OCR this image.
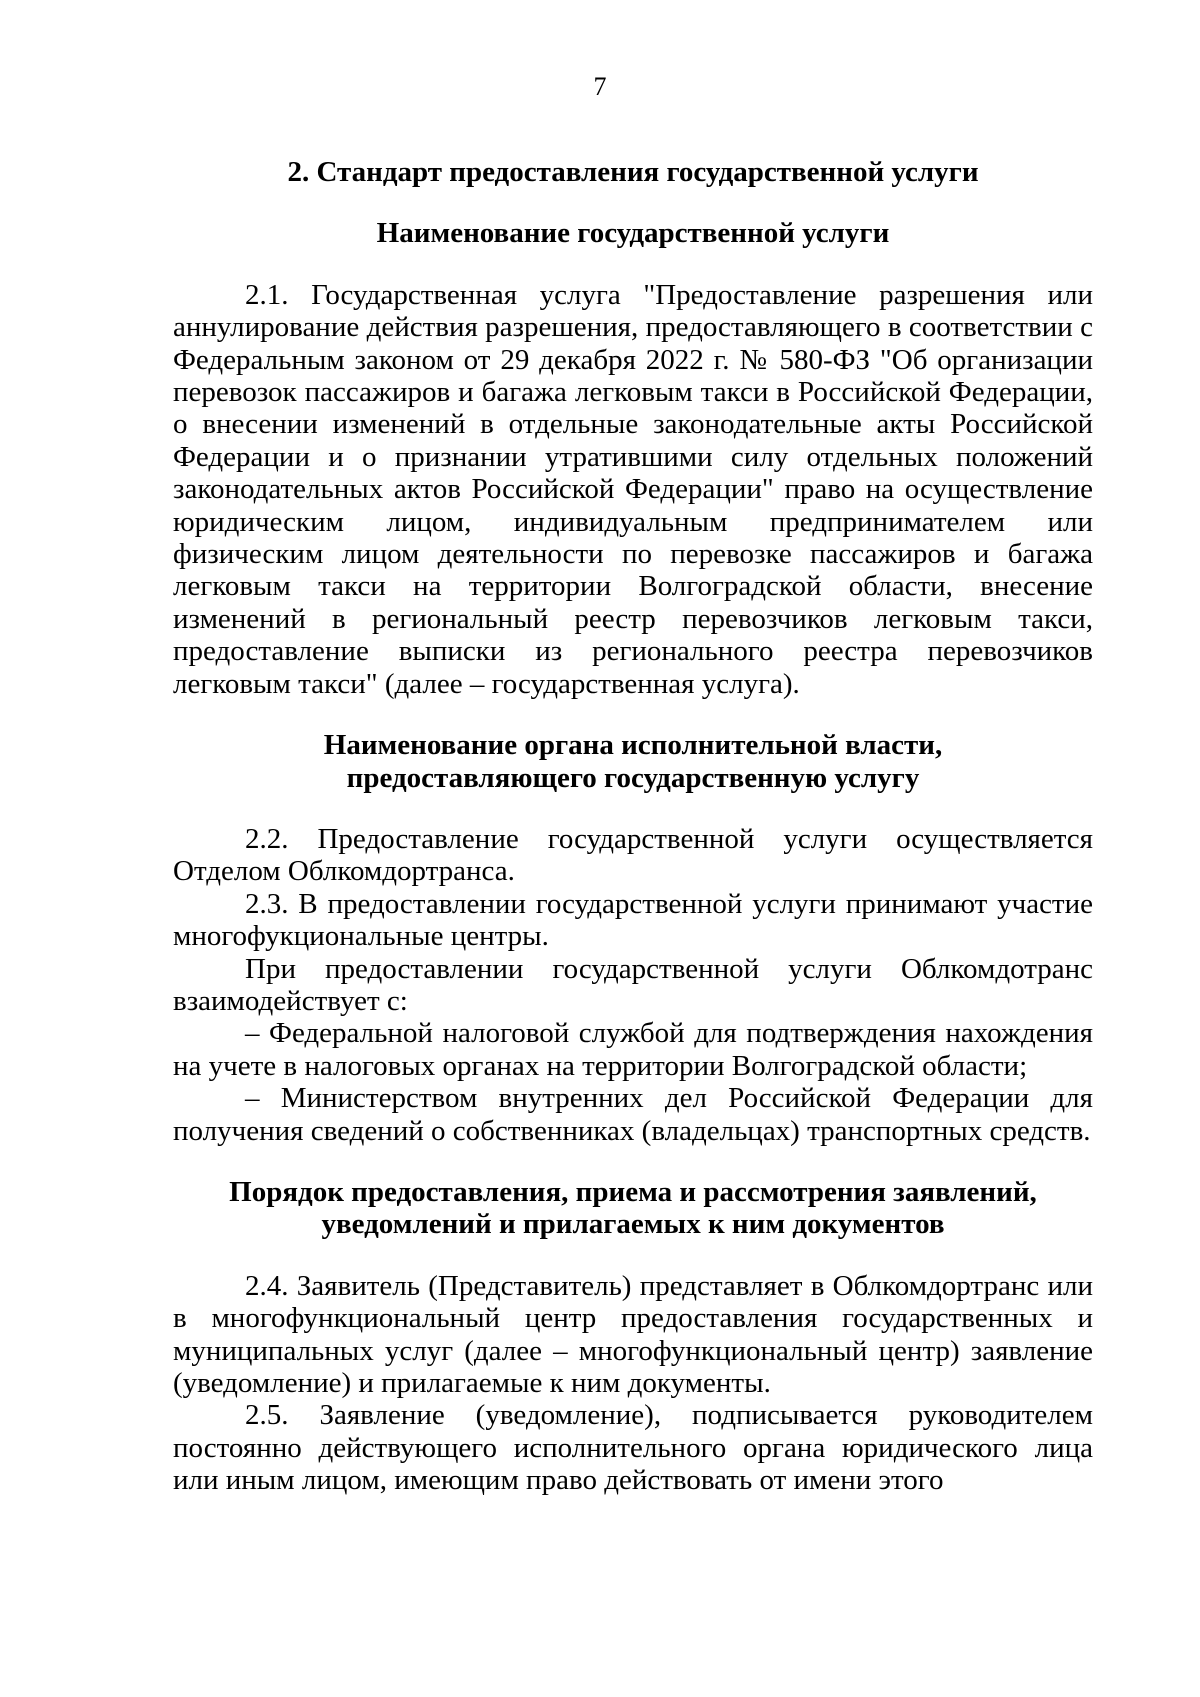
7

2. Стандарт предоставления государственной услуги

Наименование государственной услуги

2.1. Государственная услуга "Предоставление разрешения или аннулирование действия разрешения, предоставляющего в соответствии с Федеральным законом от 29 декабря 2022 г. № 580-ФЗ "Об организации перевозок пассажиров и багажа легковым такси в Российской Федерации, о внесении изменений в отдельные законодательные акты Российской Федерации и о признании утратившими силу отдельных положений законодательных актов Российской Федерации" право на осуществление юридическим лицом, индивидуальным предпринимателем или физическим лицом деятельности по перевозке пассажиров и багажа легковым такси на территории Волгоградской области, внесение изменений в региональный реестр перевозчиков легковым такси, предоставление выписки из регионального реестра перевозчиков легковым такси" (далее – государственная услуга).

Наименование органа исполнительной власти,

предоставляющего государственную услугу

2.2. Предоставление государственной услуги осуществляется Отделом Облкомдортранса.

2.3. В предоставлении государственной услуги принимают участие многофукциональные центры.

При предоставлении государственной услуги Облкомдотранс взаимодействует с:

– Федеральной налоговой службой для подтверждения нахождения на учете в налоговых органах на территории Волгоградской области;

– Министерством внутренних дел Российской Федерации для получения сведений о собственниках (владельцах) транспортных средств.

Порядок предоставления, приема и рассмотрения заявлений,

уведомлений и прилагаемых к ним документов

2.4. Заявитель (Представитель) представляет в Облкомдортранс или в многофункциональный центр предоставления государственных и муниципальных услуг (далее – многофункциональный центр) заявление (уведомление) и прилагаемые к ним документы.

2.5. Заявление (уведомление), подписывается руководителем постоянно действующего исполнительного органа юридического лица или иным лицом, имеющим право действовать от имени этого
